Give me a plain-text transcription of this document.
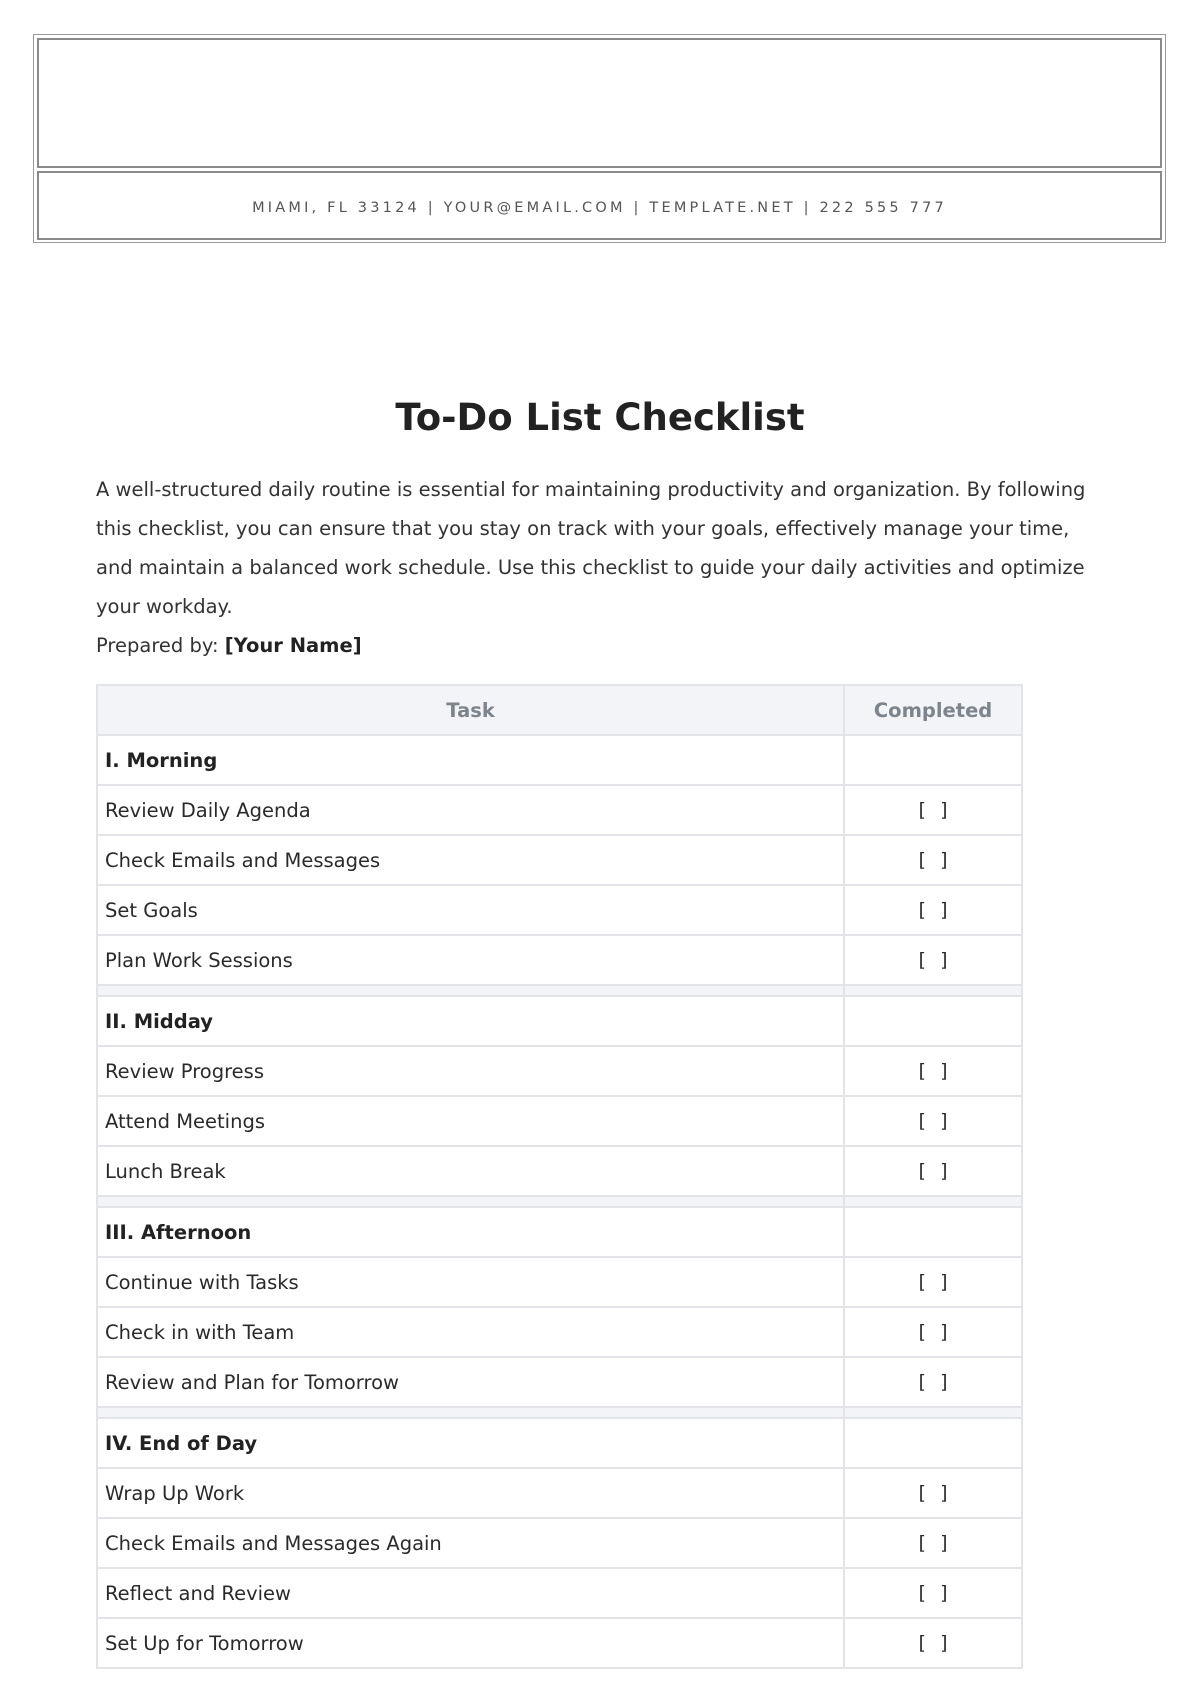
MIAMI, FL 33124 | YOUR@EMAIL.COM | TEMPLATE.NET | 222 555 777
To-Do List Checklist

A well-structured daily routine is essential for maintaining productivity and organization. By following this checklist, you can ensure that you stay on track with your goals, effectively manage your time, and maintain a balanced work schedule. Use this checklist to guide your daily activities and optimize your workday.

Prepared by: [Your Name]
Task	Completed
I. Morning	
Review Daily Agenda	[ ]
Check Emails and Messages	[ ]
Set Goals	[ ]
Plan Work Sessions	[ ]

II. Midday	
Review Progress	[ ]
Attend Meetings	[ ]
Lunch Break	[ ]

III. Afternoon	
Continue with Tasks	[ ]
Check in with Team	[ ]
Review and Plan for Tomorrow	[ ]

IV. End of Day	
Wrap Up Work	[ ]
Check Emails and Messages Again	[ ]
Reflect and Review	[ ]
Set Up for Tomorrow	[ ]
